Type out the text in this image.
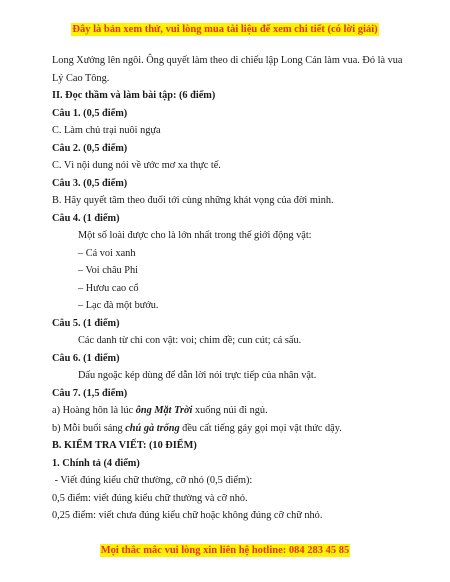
Đây là bản xem thử, vui lòng mua tài liệu để xem chi tiết (có lời giải)

Long Xưởng lên ngôi. Ông quyết làm theo di chiếu lập Long Cán làm vua. Đó là vua Lý Cao Tông.

II. Đọc thầm và làm bài tập: (6 điểm)

Câu 1. (0,5 điểm)

C. Làm chủ trại nuôi ngựa

Câu 2. (0,5 điểm)

C. Vì nội dung nói về ước mơ xa thực tế.

Câu 3. (0,5 điểm)

B. Hãy quyết tâm theo đuổi tới cùng những khát vọng của đời mình.

Câu 4. (1 điểm)

Một số loài được cho là lớn nhất trong thế giới động vật:

– Cá voi xanh

– Voi châu Phi

– Hươu cao cổ

– Lạc đà một bướu.

Câu 5. (1 điểm)

Các danh từ chỉ con vật: voi; chim đề; cun cút; cá sấu.

Câu 6. (1 điểm)

Dấu ngoặc kép dùng để dẫn lời nói trực tiếp của nhân vật.

Câu 7. (1,5 điểm)

a) Hoàng hôn là lúc ông Mặt Trời xuống núi đi ngủ.

b) Mỗi buổi sáng chú gà trống đều cất tiếng gáy gọi mọi vật thức dậy.

B. KIỂM TRA VIẾT: (10 ĐIỂM)

1. Chính tả (4 điểm)

- Viết đúng kiểu chữ thường, cỡ nhỏ (0,5 điểm):

0,5 điểm: viết đúng kiểu chữ thường và cỡ nhỏ.

0,25 điểm: viết chưa đúng kiểu chữ hoặc không đúng cỡ chữ nhỏ.

Mọi thắc mắc vui lòng xin liên hệ hotline: 084 283 45 85
